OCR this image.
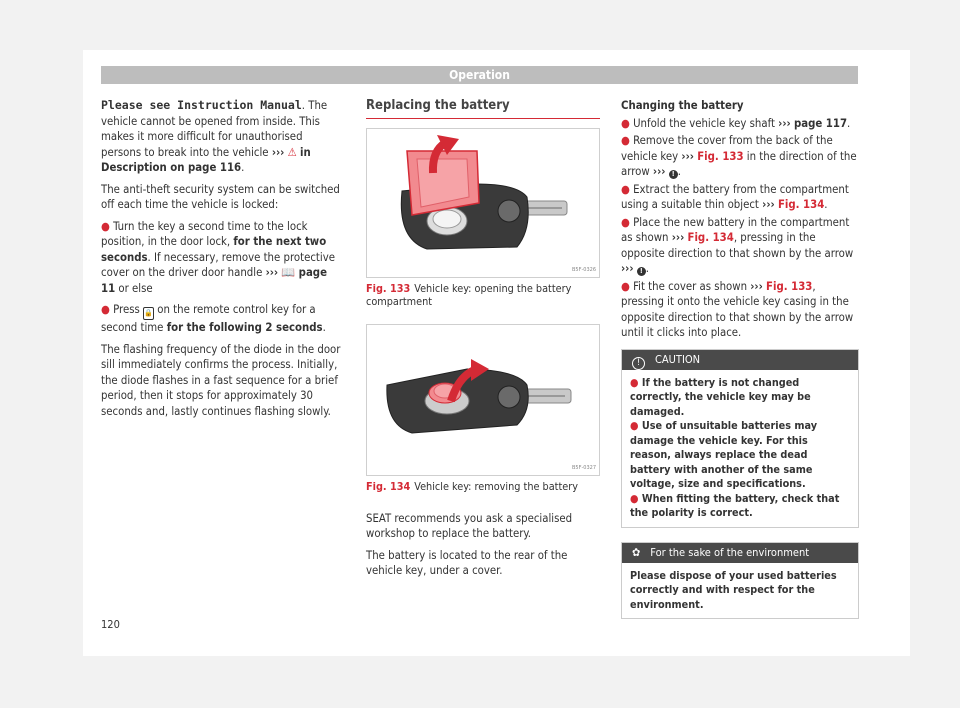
Operation

Please see Instruction Manual. The vehicle cannot be opened from inside. This makes it more difficult for unauthorised persons to break into the vehicle ››› ⚠ in Description on page 116.

The anti-theft security system can be switched off each time the vehicle is locked:

● Turn the key a second time to the lock position, in the door lock, for the next two seconds. If necessary, remove the protective cover on the driver door handle ››› 📖 page 11 or else

● Press 🔒 on the remote control key for a second time for the following 2 seconds.

The flashing frequency of the diode in the door sill immediately confirms the process. Initially, the diode flashes in a fast sequence for a brief period, then it stops for approximately 30 seconds and, lastly continues flashing slowly.

Replacing the battery
B5F-0326

Fig. 133 Vehicle key: opening the battery compartment

B5F-0327

Fig. 134 Vehicle key: removing the battery

SEAT recommends you ask a specialised workshop to replace the battery.

The battery is located to the rear of the vehicle key, under a cover.

Changing the battery

● Unfold the vehicle key shaft ››› page 117.

● Remove the cover from the back of the vehicle key ››› Fig. 133 in the direction of the arrow ››› ! .

● Extract the battery from the compartment using a suitable thin object ››› Fig. 134.

● Place the new battery in the compartment as shown ››› Fig. 134, pressing in the opposite direction to that shown by the arrow ››› ! .

● Fit the cover as shown ››› Fig. 133, pressing it onto the vehicle key casing in the opposite direction to that shown by the arrow until it clicks into place.

! CAUTION
● If the battery is not changed correctly, the vehicle key may be damaged.
● Use of unsuitable batteries may damage the vehicle key. For this reason, always replace the dead battery with another of the same voltage, size and specifications.
● When fitting the battery, check that the polarity is correct.
✿ For the sake of the environment
Please dispose of your used batteries correctly and with respect for the environment.
120
